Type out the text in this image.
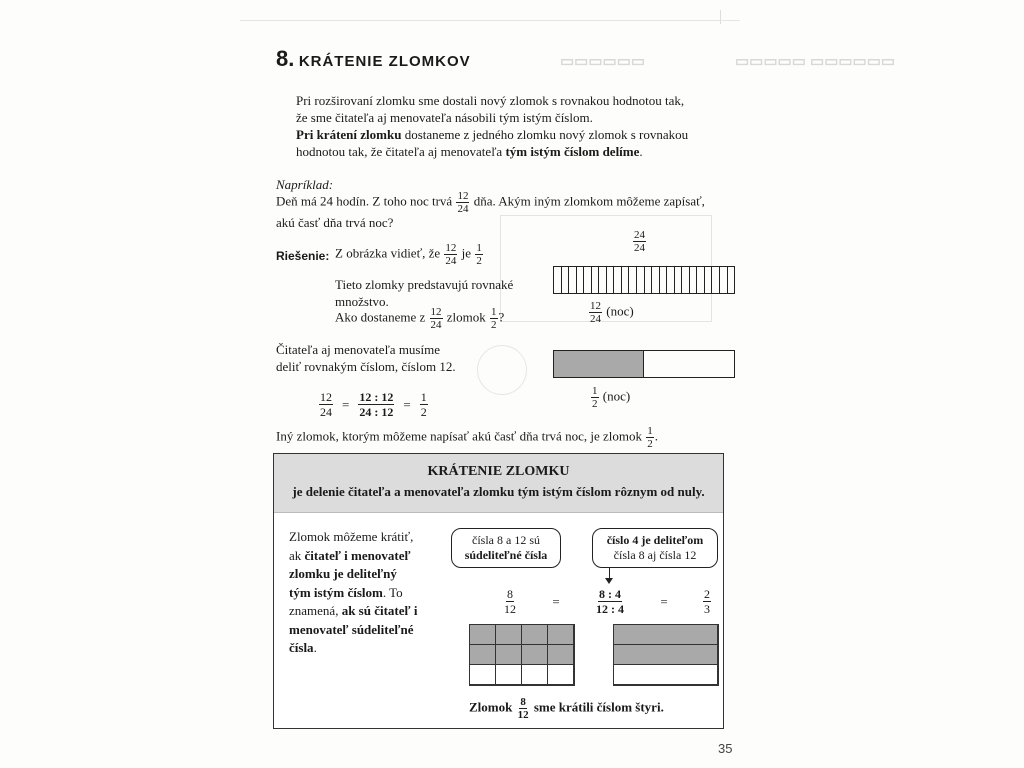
▭▭▭▭▭ ▭▭▭▭▭▭
▭▭▭▭▭▭
8. KRÁTENIE ZLOMKOV
Pri rozširovaní zlomku sme dostali nový zlomok s rovnakou hodnotou tak,
že sme čitateľa aj menovateľa násobili tým istým číslom.
Pri krátení zlomku dostaneme z jedného zlomku nový zlomok s rovnakou
hodnotou tak, že čitateľa aj menovateľa tým istým číslom delíme.
Napríklad:
Deň má 24 hodín. Z toho noc trvá $\frac{12}{24}$ dňa. Akým iným zlomkom môžeme zapísať,
akú časť dňa trvá noc?
Riešenie: Z obrázka vidieť, že $\frac{12}{24}$ je $\frac{1}{2}$
Tieto zlomky predstavujú rovnaké
množstvo.
Ako dostaneme z $\frac{12}{24}$ zlomok $\frac{1}{2}$ ?
$\frac{24}{24}$
$\frac{12}{24} (noc)$
Čitateľa aj menovateľa musíme
deliť rovnakým číslom, číslom 12.
$\frac{1}{2} (noc)$
$\frac{12}{24} = \frac{12 : 12}{24 : 12} = \frac{1}{2}$
Iný zlomok, ktorým môžeme napísať akú časť dňa trvá noc, je zlomok $\frac{1}{2}$ .
KRÁTENIE ZLOMKU
je delenie čitateľa a menovateľa zlomku tým istým číslom rôznym od nuly.
Zlomok môžeme krátiť,
ak čitateľ i menovateľ
zlomku je deliteľný
tým istým číslom. To
znamená, ak sú čitateľ i
menovateľ súdeliteľné
čísla.
čísla 8 a 12 sú
súdeliteľné čísla
číslo 4 je deliteľom
čísla 8 aj čísla 12
$\frac{8}{12}$	=	$\frac{8 : 4}{12 : 4}$	=	$\frac{2}{3}$
Zlomok $\frac{8}{12}$ sme krátili číslom štyri.
35
